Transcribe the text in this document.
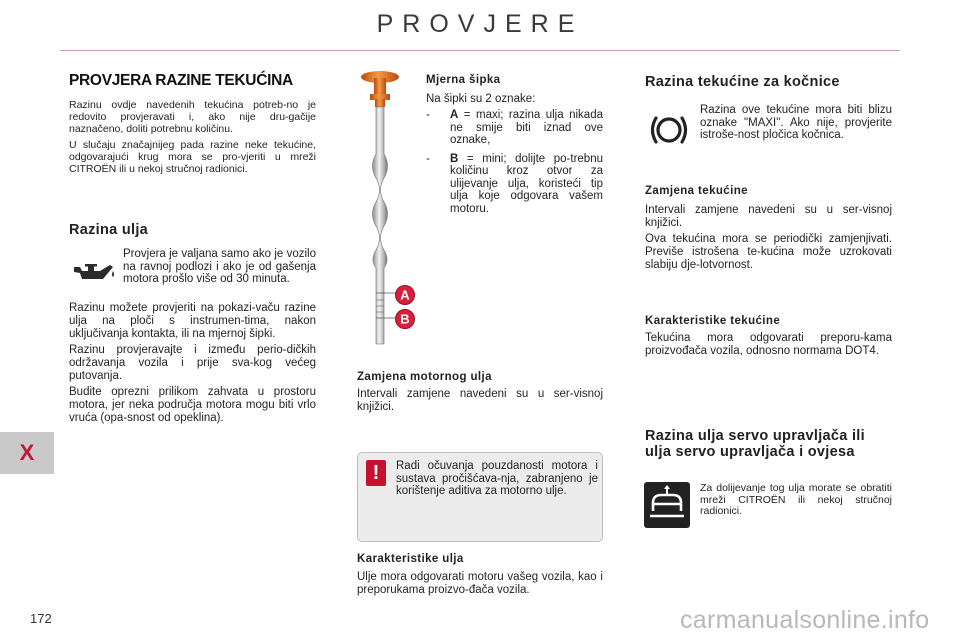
PROVJERE
X
PROVJERA RAZINE TEKUĆINA

Razinu ovdje navedenih tekućina potreb-no je redovito provjeravati i, ako nije dru-gačije naznačeno, doliti potrebnu količinu.

U slučaju značajnijeg pada razine neke tekućine, odgovarajući krug mora se pro-vjeriti u mreži CITROËN ili u nekoj stručnoj radionici.

Razina ulja
Provjera je valjana samo ako je vozilo na ravnoj podlozi i ako je od gašenja motora prošlo više od 30 minuta.

Razinu možete provjeriti na pokazi-vaču razine ulja na ploči s instrumen-tima, nakon uključivanja kontakta, ili na mjernoj šipki.

Razinu provjeravajte i između perio-dičkih održavanja vozila i prije sva-kog većeg putovanja.

Budite oprezni prilikom zahvata u prostoru motora, jer neka područja motora mogu biti vrlo vruća (opa-snost od opeklina).

A
B
Mjerna šipka
Na šipki su 2 oznake:
-	A = maxi; razina ulja nikada ne smije biti iznad ove oznake,
-	B = mini; dolijte po-trebnu količinu kroz otvor za ulijevanje ulja, koristeći tip ulja koje odgovara vašem motoru.
Zamjena motornog ulja
Intervali zamjene navedeni su u ser-visnoj knjižici.
!	Radi očuvanja pouzdanosti motora i sustava pročišćava-nja, zabranjeno je korištenje aditiva za motorno ulje.
Karakteristike ulja
Ulje mora odgovarati motoru vašeg vozila, kao i preporukama proizvo-đača vozila.
Razina tekućine za kočnice
Razina ove tekućine mora biti blizu oznake "MAXI". Ako nije, provjerite istroše-nost pločica kočnica.
Zamjena tekućine

Intervali zamjene navedeni su u ser-visnoj knjižici.

Ova tekućina mora se periodički zamjenjivati. Previše istrošena te-kućina može uzrokovati slabiju dje-lotvornost.

Karakteristike tekućine
Tekućina mora odgovarati preporu-kama proizvođača vozila, odnosno normama DOT4.
Razina ulja servo upravljača ili ulja servo upravljača i ovjesa
Za dolijevanje tog ulja morate se obratiti mreži CITROËN ili nekoj stručnoj radionici.
172	carmanualsonline.info
